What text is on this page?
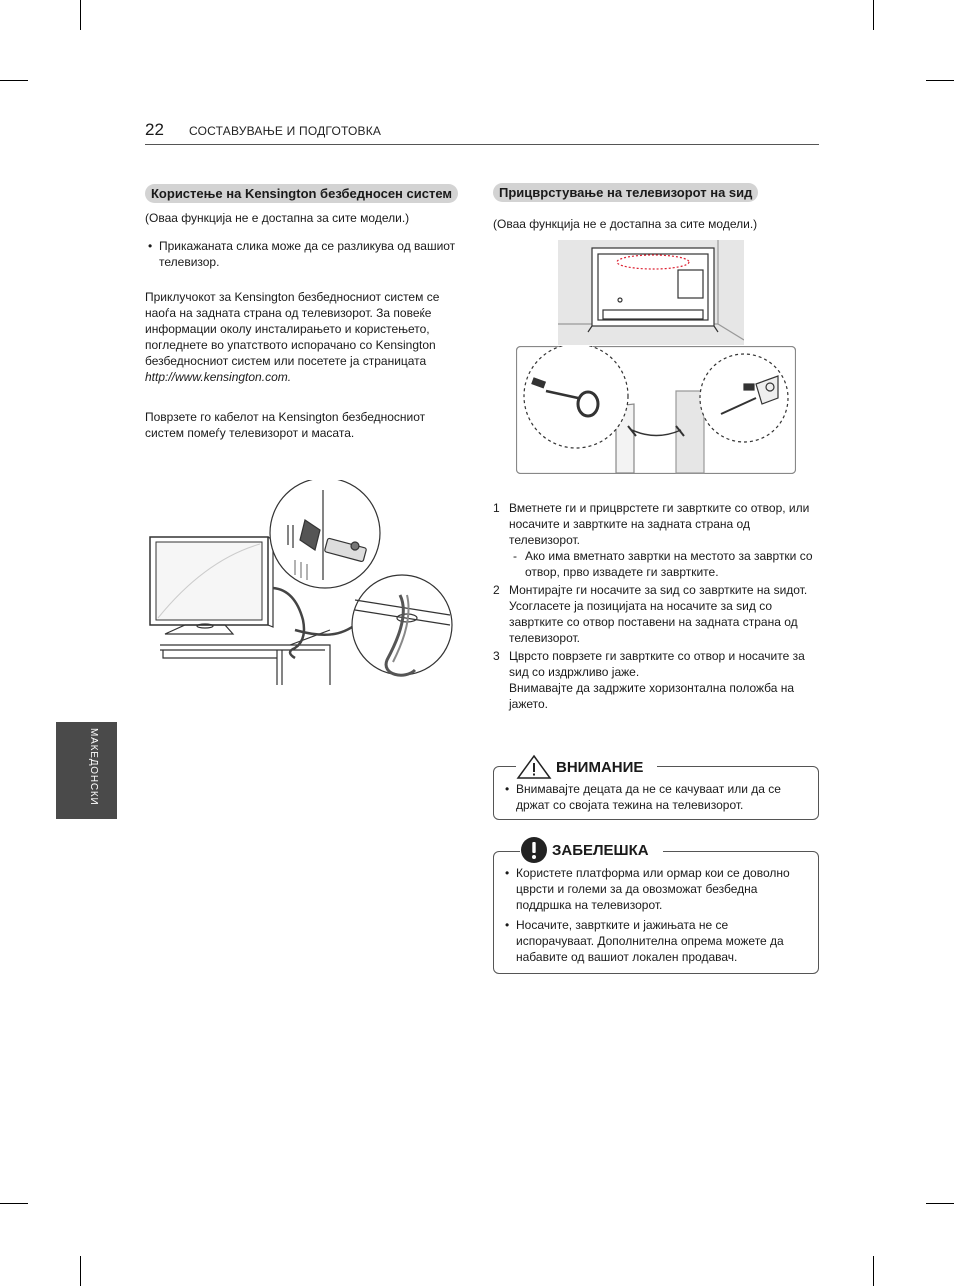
22 СОСТАВУВАЊЕ И ПОДГОТОВКА
МАКЕДОНСКИ
Користење на Kensington безбедносен систем
(Оваа функција не е достапна за сите модели.)
• Прикажаната слика може да се разликува од вашиот телевизор.
Приклучокот за Kensington безбедносниот систем се наоѓа на задната страна од телевизорот. За повеќе информации околу инсталирањето и користењето, погледнете во упатството испорачано со Kensington безбедносниот систем или посетете ја страницата http://www.kensington.com.
Поврзете го кабелот на Kensington безбедносниот систем помеѓу телевизорот и масата.
Прицврстување на телевизорот на ѕид
(Оваа функција не е достапна за сите модели.)
1 Вметнете ги и прицврстете ги завртките со отвор, или носачите и завртките на задната страна од телевизорот.
- Ако има вметнато завртки на местото за завртки со отвор, прво извадете ги завртките.
2 Монтирајте ги носачите за ѕид со завртките на ѕидот.
Усогласете ја позицијата на носачите за ѕид со завртките со отвор поставени на задната страна од телевизорот.
3 Цврсто поврзете ги завртките со отвор и носачите за ѕид со издржливо јаже.
Внимавајте да задржите хоризонтална положба на јажето.
ВНИМАНИЕ
• Внимавајте децата да не се качуваат или да се држат со својата тежина на телевизорот.
ЗАБЕЛЕШКА
• Користете платформа или ормар кои се доволно цврсти и големи за да овозможат безбедна поддршка на телевизорот.
• Носачите, завртките и јажињата не се испорачуваат. Дополнителна опрема можете да набавите од вашиот локален продавач.
